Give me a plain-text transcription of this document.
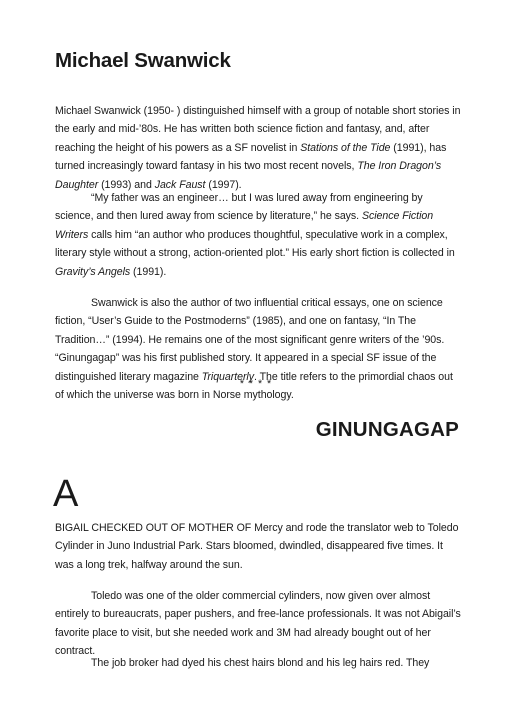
Michael Swanwick

Michael Swanwick (1950- ) distinguished himself with a group of notable short stories in the early and mid-’80s. He has written both science fiction and fantasy, and, after reaching the height of his powers as a SF novelist in Stations of the Tide (1991), has turned increasingly toward fantasy in his two most recent novels, The Iron Dragon’s Daughter (1993) and Jack Faust (1997).

“My father was an engineer… but I was lured away from engineering by science, and then lured away from science by literature,” he says. Science Fiction Writers calls him “an author who produces thoughtful, speculative work in a complex, literary style without a strong, action-oriented plot.” His early short fiction is collected in Gravity’s Angels (1991).

Swanwick is also the author of two influential critical essays, one on science fiction, “User’s Guide to the Postmoderns” (1985), and one on fantasy, “In The Tradition…” (1994). He remains one of the most significant genre writers of the ’90s. “Ginungagap” was his first published story. It appeared in a special SF issue of the distinguished literary magazine Triquarterly. The title refers to the primordial chaos out of which the universe was born in Norse mythology.

* * * *

GINUNGAGAP
A

BIGAIL CHECKED OUT OF MOTHER OF Mercy and rode the translator web to Toledo Cylinder in Juno Industrial Park. Stars bloomed, dwindled, disappeared five times. It was a long trek, halfway around the sun.

Toledo was one of the older commercial cylinders, now given over almost entirely to bureaucrats, paper pushers, and free-lance professionals. It was not Abigail’s favorite place to visit, but she needed work and 3M had already bought out of her contract.

The job broker had dyed his chest hairs blond and his leg hairs red. They
